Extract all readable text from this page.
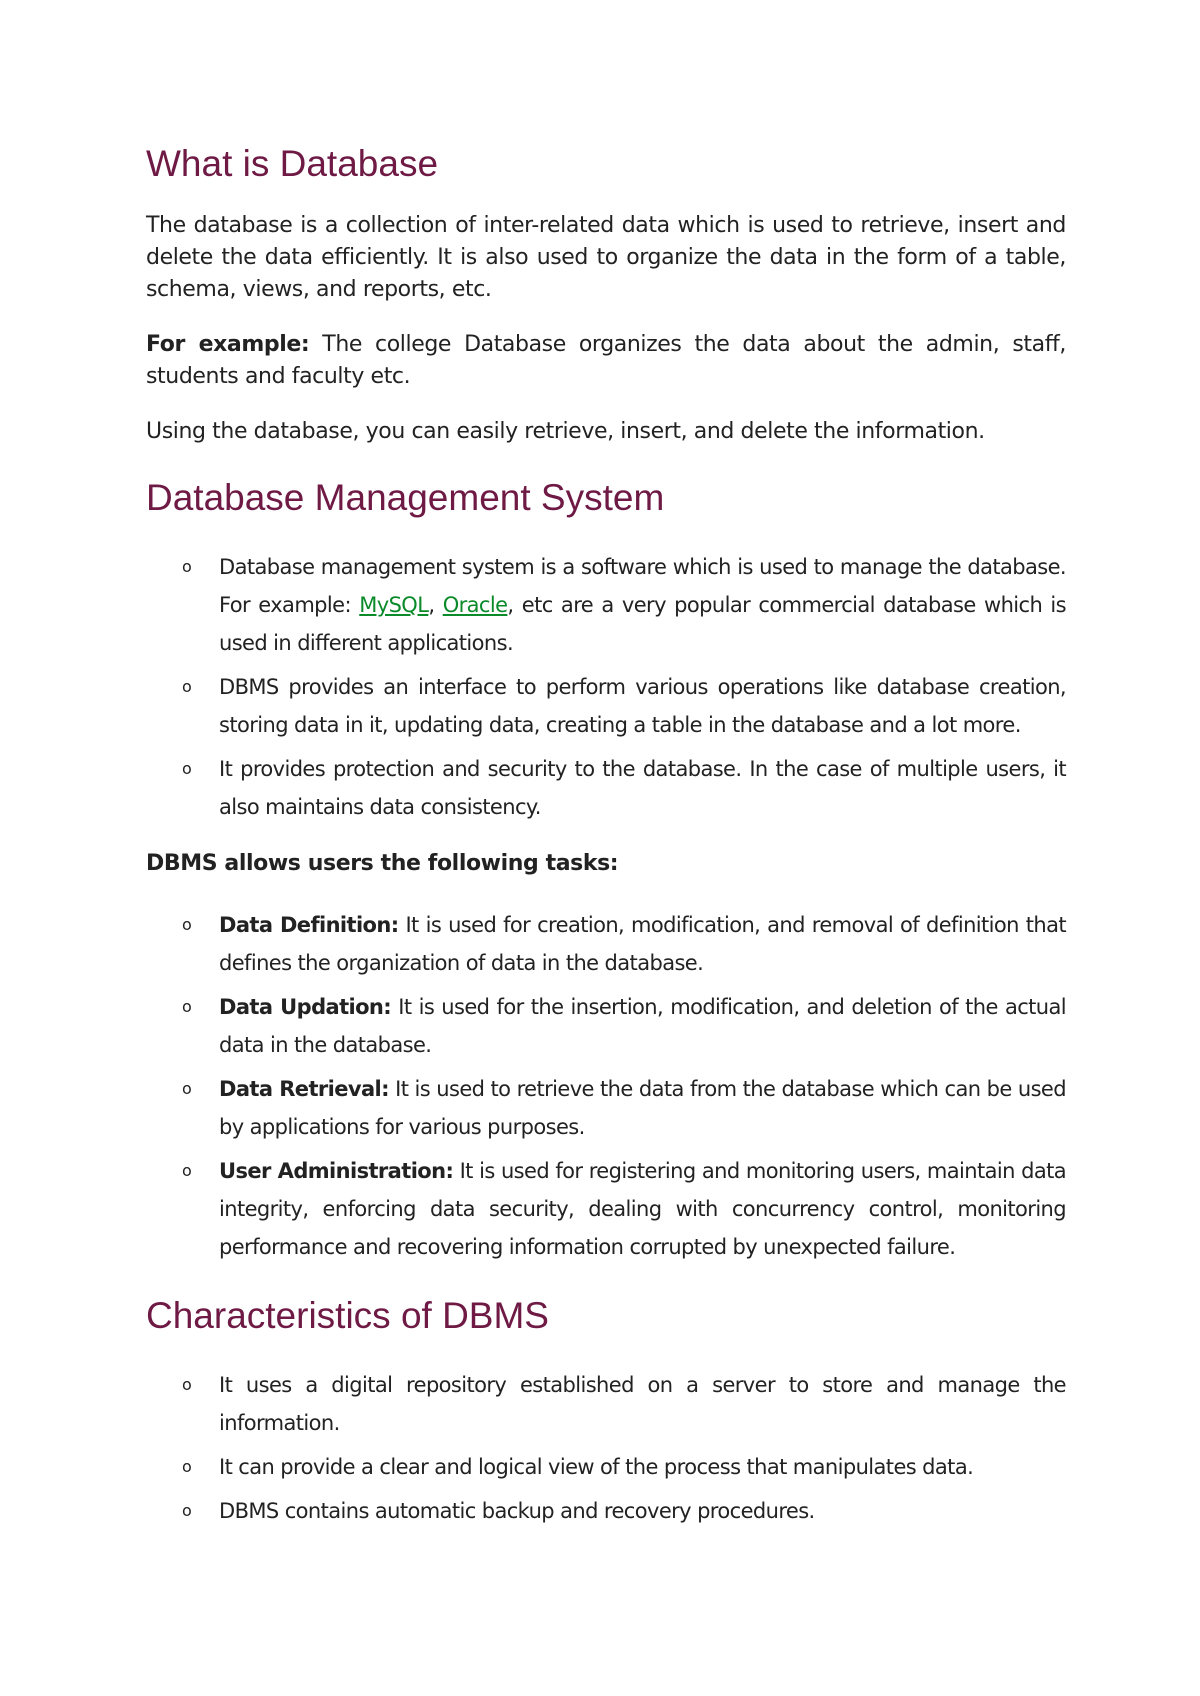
What is Database

The database is a collection of inter-related data which is used to retrieve, insert and delete the data efficiently. It is also used to organize the data in the form of a table, schema, views, and reports, etc.

For example: The college Database organizes the data about the admin, staff, students and faculty etc.

Using the database, you can easily retrieve, insert, and delete the information.

Database Management System
o Database management system is a software which is used to manage the database. For example: MySQL, Oracle, etc are a very popular commercial database which is used in different applications.
o DBMS provides an interface to perform various operations like database creation, storing data in it, updating data, creating a table in the database and a lot more.
o It provides protection and security to the database. In the case of multiple users, it also maintains data consistency.

DBMS allows users the following tasks:

o Data Definition: It is used for creation, modification, and removal of definition that defines the organization of data in the database.
o Data Updation: It is used for the insertion, modification, and deletion of the actual data in the database.
o Data Retrieval: It is used to retrieve the data from the database which can be used by applications for various purposes.
o User Administration: It is used for registering and monitoring users, maintain data integrity, enforcing data security, dealing with concurrency control, monitoring performance and recovering information corrupted by unexpected failure.
Characteristics of DBMS
o It uses a digital repository established on a server to store and manage the information.
o It can provide a clear and logical view of the process that manipulates data.
o DBMS contains automatic backup and recovery procedures.
